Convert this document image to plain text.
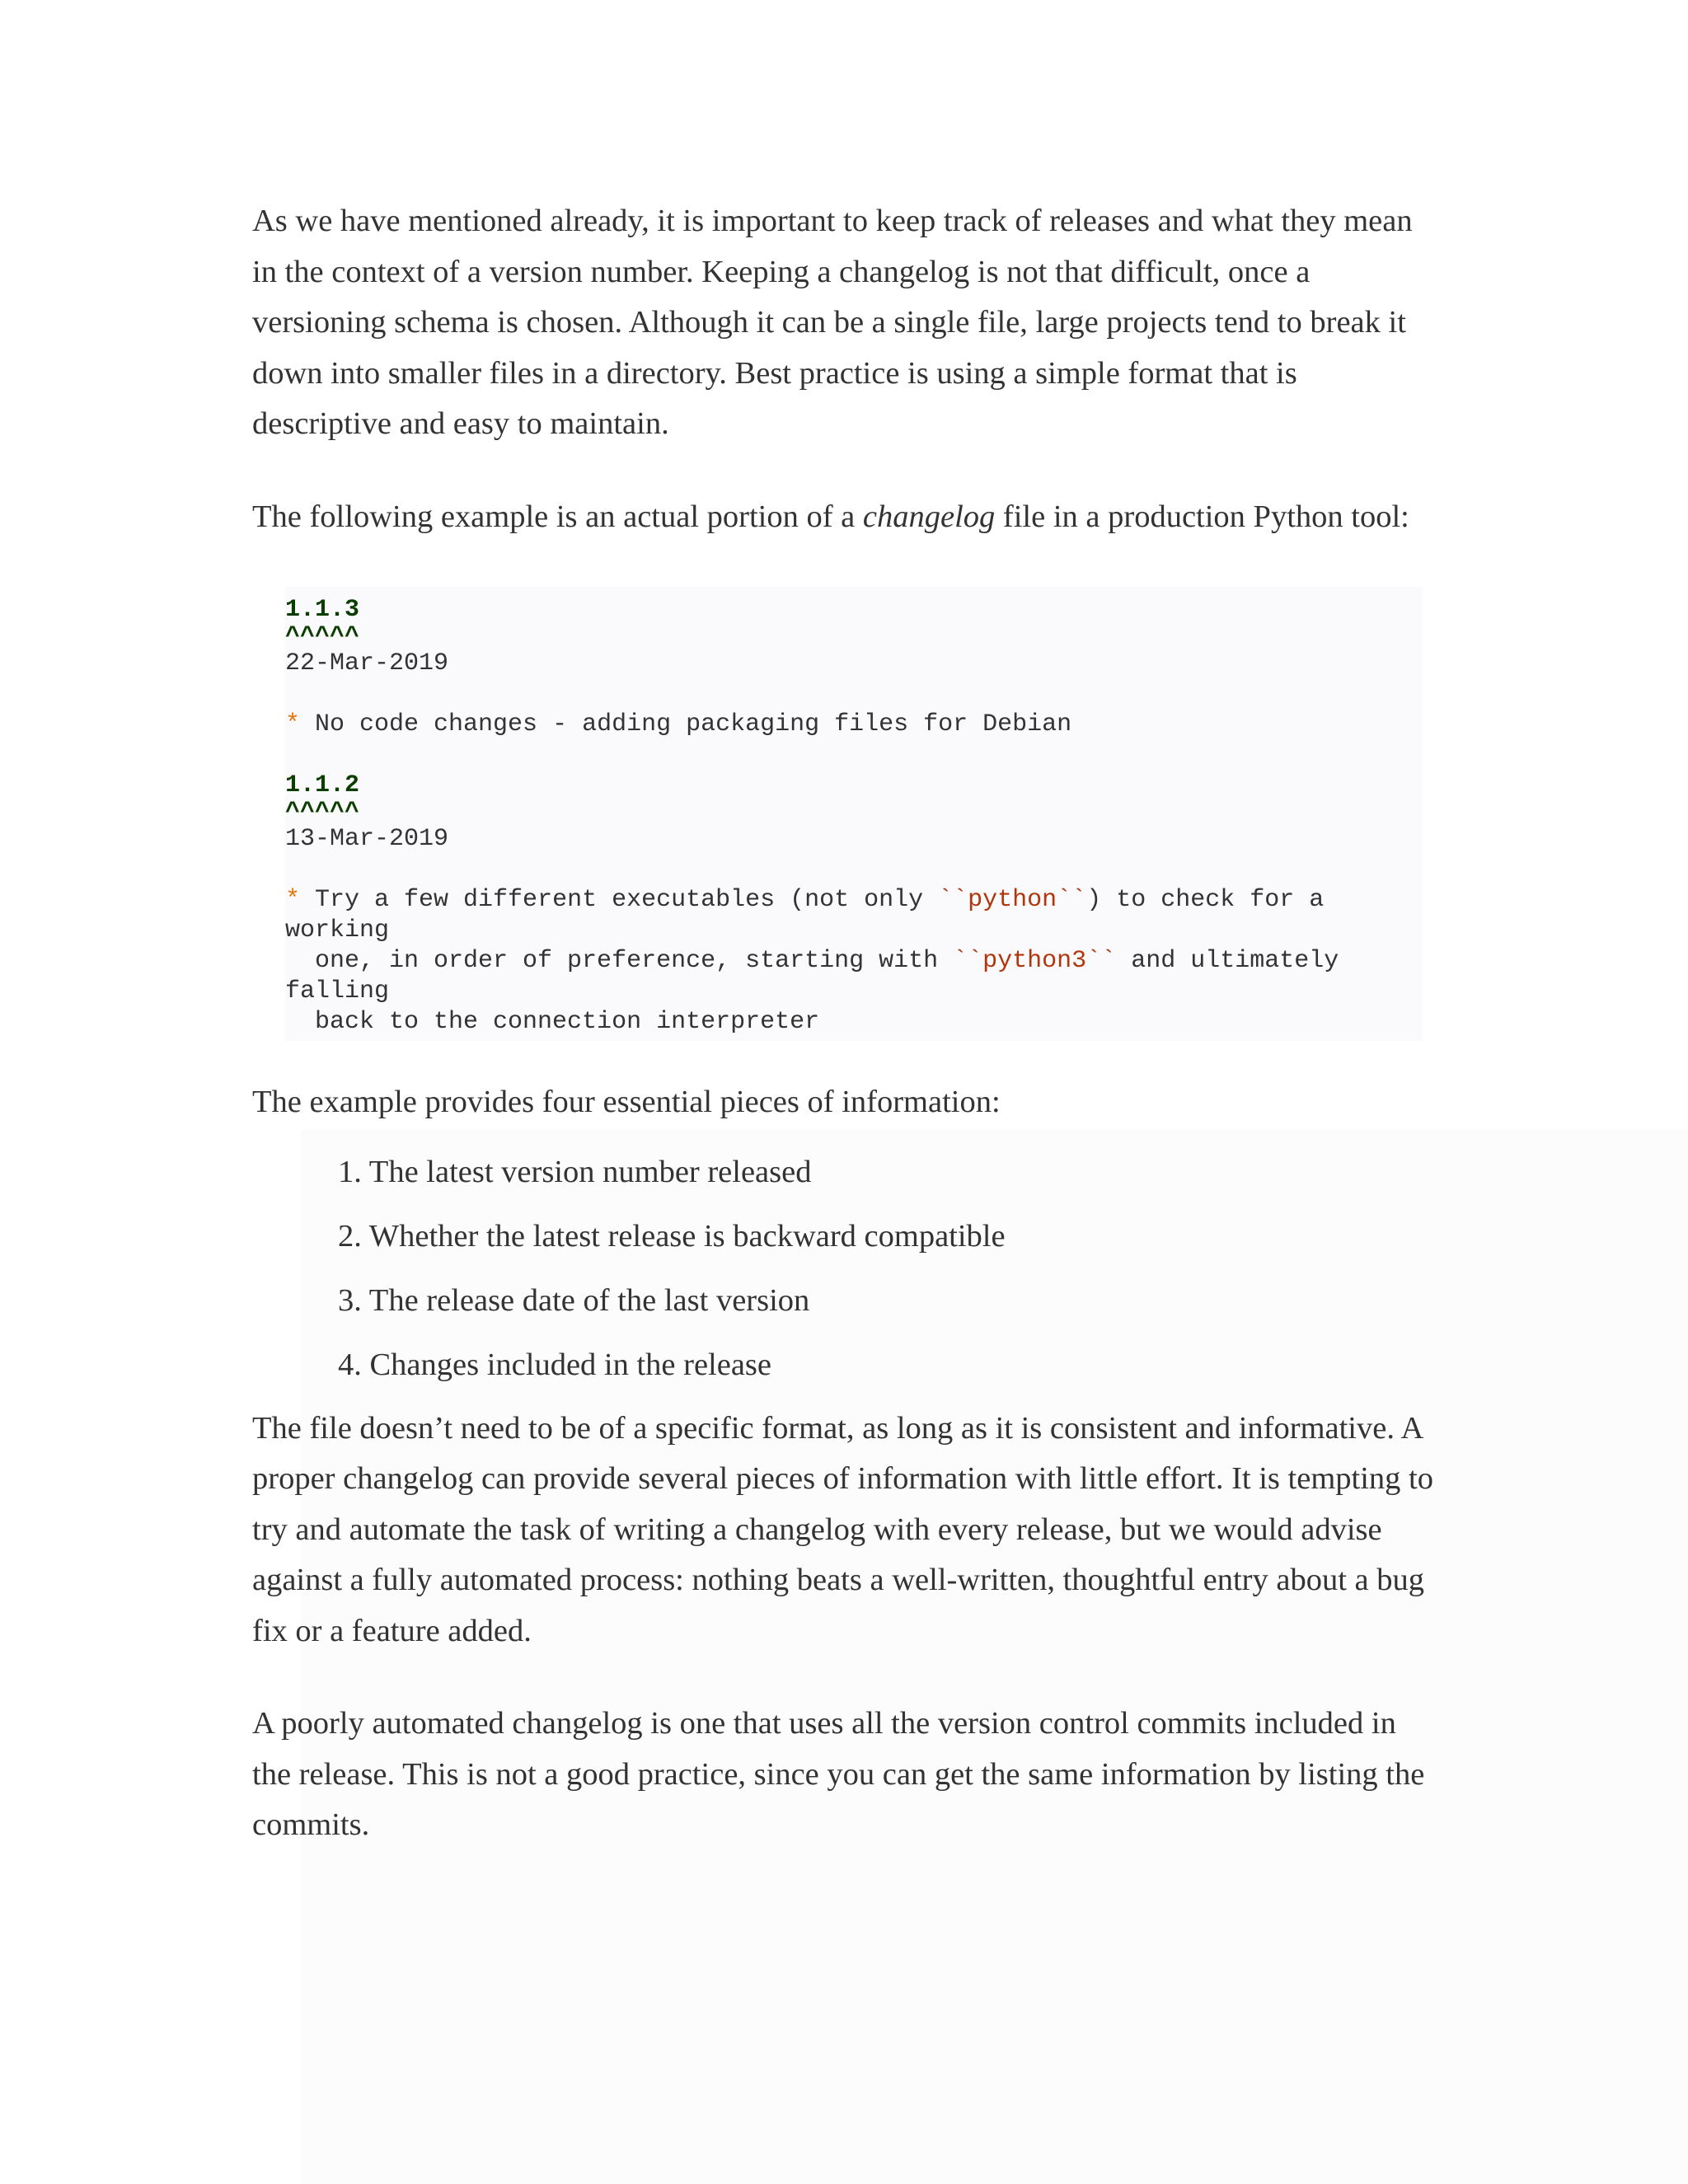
As we have mentioned already, it is important to keep track of releases and what they mean in the context of a version number. Keeping a changelog is not that difficult, once a versioning schema is chosen. Although it can be a single file, large projects tend to break it down into smaller files in a directory. Best practice is using a simple format that is descriptive and easy to maintain.

The following example is an actual portion of a changelog file in a production Python tool:

1.1.3
^^^^^
22-Mar-2019
* No code changes - adding packaging files for Debian
1.1.2
^^^^^
13-Mar-2019
* Try a few different executables (not only ``python``) to check for a
working
one, in order of preference, starting with ``python3`` and ultimately
falling
back to the connection interpreter

The example provides four essential pieces of information:

1. The latest version number released
2. Whether the latest release is backward compatible
3. The release date of the last version
4. Changes included in the release

The file doesn’t need to be of a specific format, as long as it is consistent and informative. A proper changelog can provide several pieces of information with little effort. It is tempting to try and automate the task of writing a changelog with every release, but we would advise against a fully automated process: nothing beats a well-written, thoughtful entry about a bug fix or a feature added.

A poorly automated changelog is one that uses all the version control commits included in the release. This is not a good practice, since you can get the same information by listing the commits.
